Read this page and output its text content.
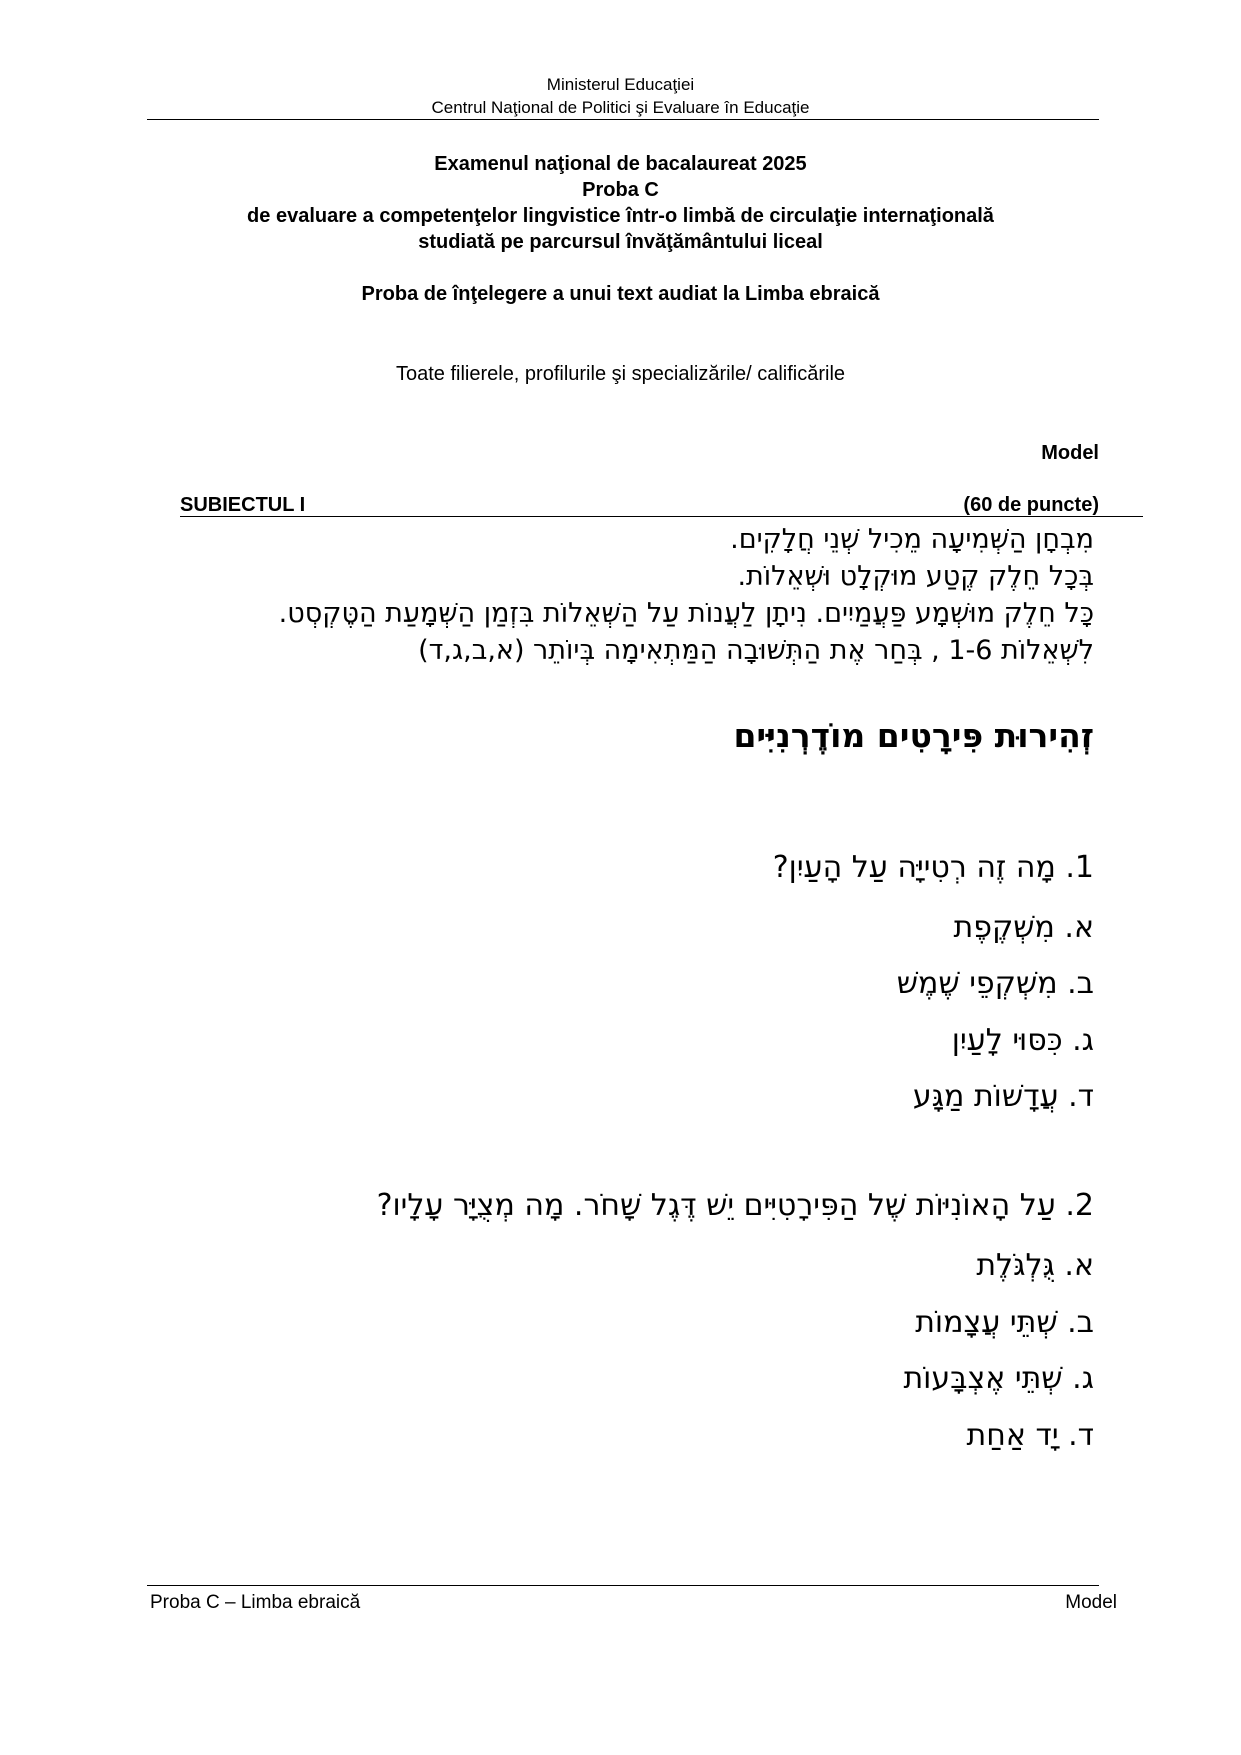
Ministerul Educaţiei
Centrul Naţional de Politici şi Evaluare în Educaţie
Examenul naţional de bacalaureat 2025
Proba C
de evaluare a competenţelor lingvistice într-o limbă de circulaţie internaţională
studiată pe parcursul învăţământului liceal
Proba de înţelegere a unui text audiat la Limba ebraică
Toate filierele, profilurile şi specializările/ calificările
Model
SUBIECTUL I	(60 de puncte)
מִבְחָן הַשְּׁמִיעָה מֵכִיל שְׁנֵי חֲלָקִים.
בְּכָל חֵלֶק קֶטַע מוּקְלָט וּשְׁאֵלוֹת.
כָּל חֵלֶק מוּשְׁמָע פַּעֲמַיִים. נִיתָן לַעֲנוֹת עַל הַשְּׁאֵלוֹת בִּזְמַן הַשְּׁמָעַת הַטֶּקְסְט.
לִשְׁאֵלוֹת 1-6 , בְּחַר אֶת הַתְּשׁוּבָה הַמַּתְאִימָה בְּיוֹתֵר (א,ב,ג,ד)
זְהִירוּת פִּירָטִים מוֹדֶרְנִיִּים
1. מָה זֶה רְטִייָּה עַל הָעַיִן?
א. מִשְׁקֶפֶת
ב. מִשְׁקְפֵי שֶׁמֶשׁ
ג. כִּסּוּי לָעַיִן
ד. עֲדָשׁוֹת מַגָּע
2. עַל הָאוֹנִיּוֹת שֶׁל הַפִּירָטִיִּים יֵשׁ דֶּגֶל שָׁחֹר. מָה מְצֻיָּר עָלָיו?
א. גֻּלְגֹּלֶת
ב. שְׁתֵּי עֲצָמוֹת
ג. שְׁתֵּי אֶצְבָּעוֹת
ד. יָד אַחַת
Proba C – Limba ebraică	Model
